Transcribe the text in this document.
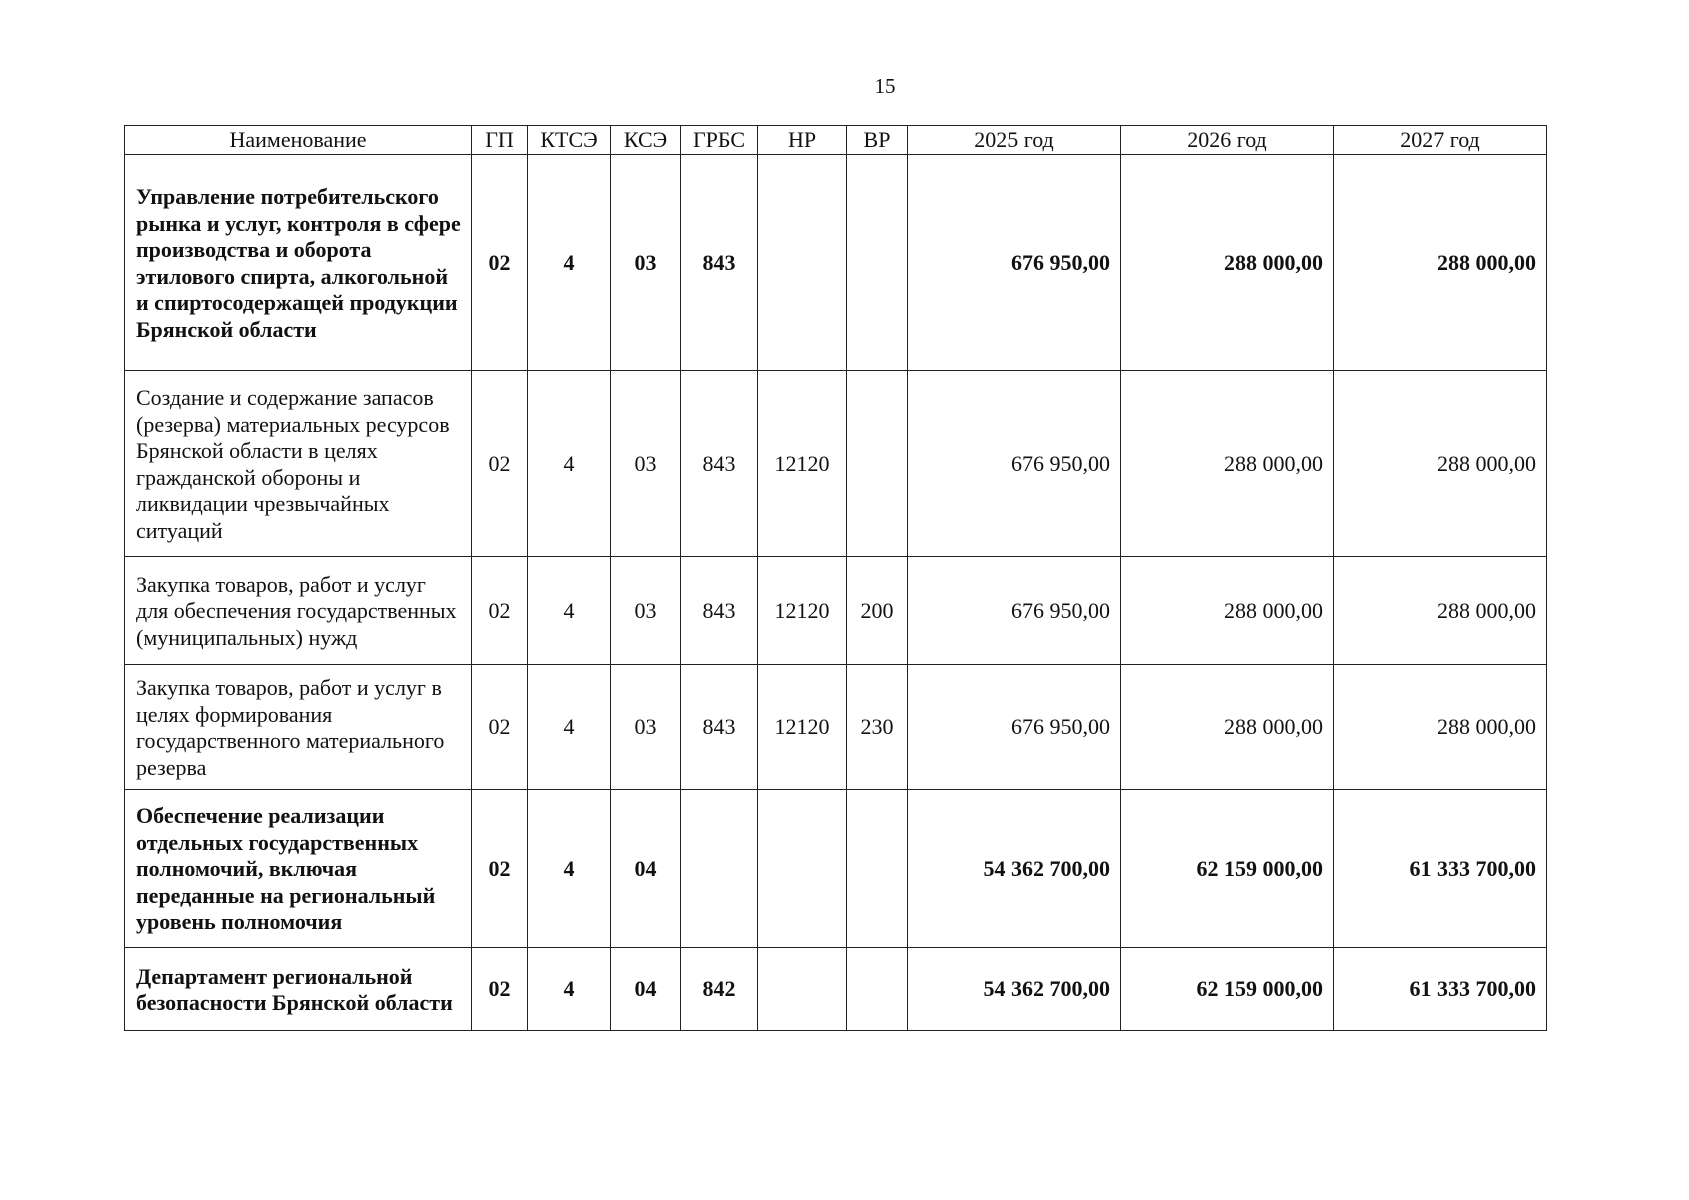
15
Наименование	ГП	КТСЭ	КСЭ	ГРБС	НР	ВР	2025 год	2026 год	2027 год
Управление потребительского рынка и услуг, контроля в сфере производства и оборота этилового спирта, алкогольной и спиртосодержащей продукции Брянской области	02	4	03	843			676 950,00	288 000,00	288 000,00
Создание и содержание запасов (резерва) материальных ресурсов Брянской области в целях гражданской обороны и ликвидации чрезвычайных ситуаций	02	4	03	843	12120		676 950,00	288 000,00	288 000,00
Закупка товаров, работ и услуг для обеспечения государственных (муниципальных) нужд	02	4	03	843	12120	200	676 950,00	288 000,00	288 000,00
Закупка товаров, работ и услуг в целях формирования государственного материального резерва	02	4	03	843	12120	230	676 950,00	288 000,00	288 000,00
Обеспечение реализации отдельных государственных полномочий, включая переданные на региональный уровень полномочия	02	4	04				54 362 700,00	62 159 000,00	61 333 700,00
Департамент региональной безопасности Брянской области	02	4	04	842			54 362 700,00	62 159 000,00	61 333 700,00
